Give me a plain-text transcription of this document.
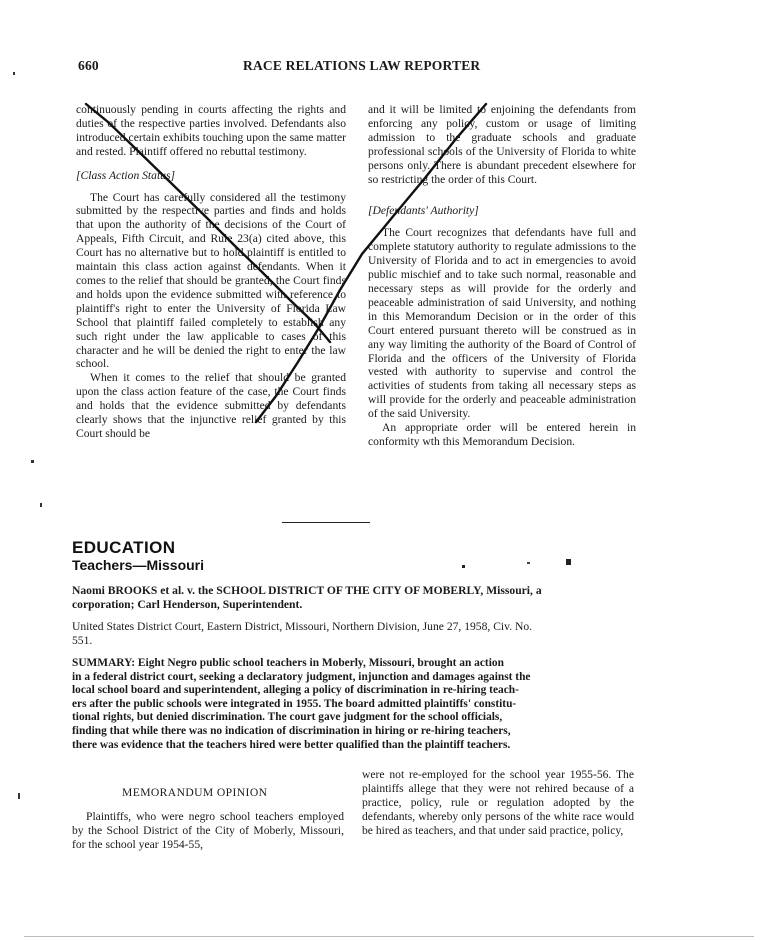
660	RACE RELATIONS LAW REPORTER

continuously pending in courts affecting the rights and duties of the respective parties involved. Defendants also introduced certain exhibits touching upon the same matter and rested. Plaintiff offered no rebuttal testimony.

[Class Action Status]

The Court has carefully considered all the testimony submitted by the respective parties and finds and holds that upon the authority of the decisions of the Court of Appeals, Fifth Circuit, and Rule 23(a) cited above, this Court has no alternative but to hold plaintiff is entitled to maintain this class action against defendants. When it comes to the relief that should be granted, the Court finds and holds upon the evidence submitted with reference to plaintiff's right to enter the University of Florida Law School that plaintiff failed completely to establish any such right under the law applicable to cases of this character and he will be denied the right to enter the law school.

When it comes to the relief that should be granted upon the class action feature of the case, the Court finds and holds that the evidence submitted by defendants clearly shows that the injunctive relief granted by this Court should be

and it will be limited to enjoining the defendants from enforcing any policy, custom or usage of limiting admission to the graduate schools and graduate professional schools of the University of Florida to white persons only. There is abundant precedent elsewhere for so restricting the order of this Court.

[Defendants' Authority]

The Court recognizes that defendants have full and complete statutory authority to regulate admissions to the University of Florida and to act in emergencies to avoid public mischief and to take such normal, reasonable and necessary steps as will provide for the orderly and peaceable administration of said University, and nothing in this Memorandum Decision or in the order of this Court entered pursuant thereto will be construed as in any way limiting the authority of the Board of Control of Florida and the officers of the University of Florida vested with authority to supervise and control the activities of students from taking all necessary steps as will provide for the orderly and peaceable administration of the said University.

An appropriate order will be entered herein in conformity wth this Memorandum Decision.

EDUCATION
Teachers—Missouri
Naomi BROOKS et al. v. the SCHOOL DISTRICT OF THE CITY OF MOBERLY, Missouri, a
corporation; Carl Henderson, Superintendent.
United States District Court, Eastern District, Missouri, Northern Division, June 27, 1958, Civ. No.
551.
SUMMARY: Eight Negro public school teachers in Moberly, Missouri, brought an action
in a federal district court, seeking a declaratory judgment, injunction and damages against the
local school board and superintendent, alleging a policy of discrimination in re-hiring teach-
ers after the public schools were integrated in 1955. The board admitted plaintiffs' constitu-
tional rights, but denied discrimination. The court gave judgment for the school officials,
finding that while there was no indication of discrimination in hiring or re-hiring teachers,
there was evidence that the teachers hired were better qualified than the plaintiff teachers.
MEMORANDUM OPINION

Plaintiffs, who were negro school teachers employed by the School District of the City of Moberly, Missouri, for the school year 1954-55,

were not re-employed for the school year 1955-56. The plaintiffs allege that they were not rehired because of a practice, policy, rule or regulation adopted by the defendants, whereby only persons of the white race would be hired as teachers, and that under said practice, policy,
